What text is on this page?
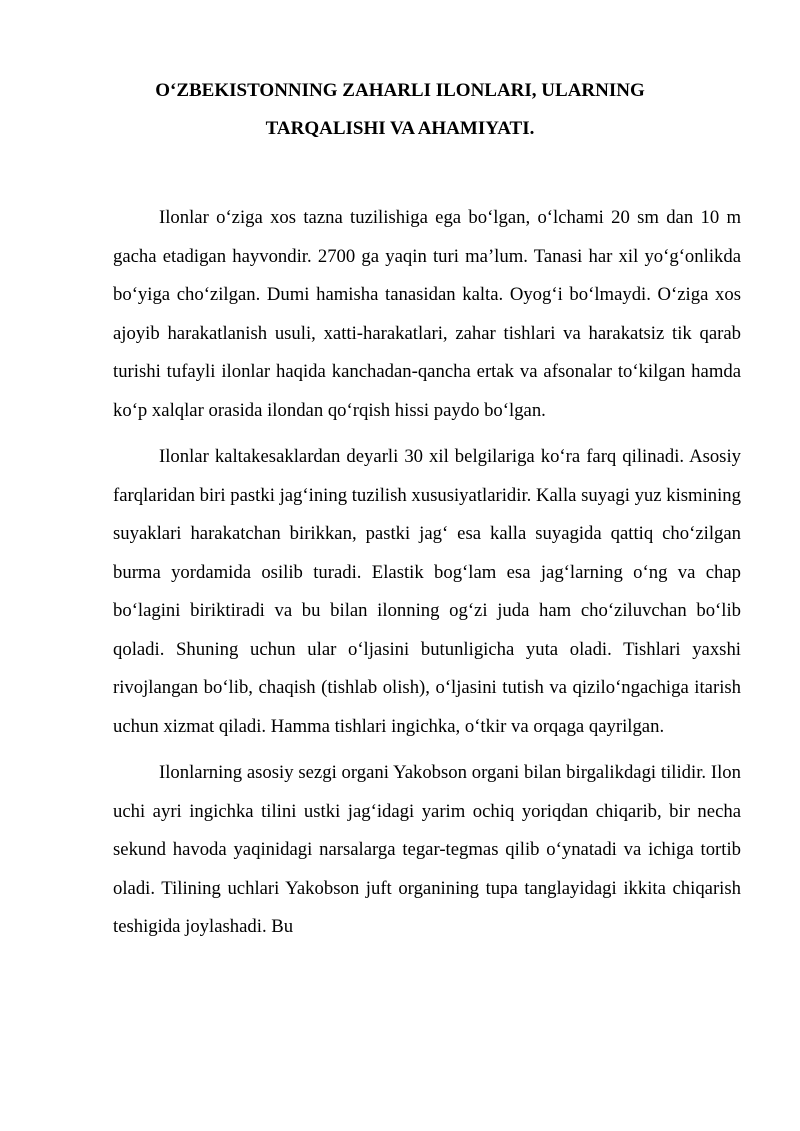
O‘ZBEKISTONNING ZAHARLI ILONLARI, ULARNING
TARQALISHI VA AHAMIYATI.

Ilonlar o‘ziga xos tazna tuzilishiga ega bo‘lgan, o‘lchami 20 sm dan 10 m gacha etadigan hayvondir. 2700 ga yaqin turi ma’lum. Tanasi har xil yo‘g‘onlikda bo‘yiga cho‘zilgan. Dumi hamisha tanasidan kalta. Oyog‘i bo‘lmaydi. O‘ziga xos ajoyib harakatlanish usuli, xatti-harakatlari, zahar tishlari va harakatsiz tik qarab turishi tufayli ilonlar haqida kanchadan-qancha ertak va afsonalar to‘kilgan hamda ko‘p xalqlar orasida ilondan qo‘rqish hissi paydo bo‘lgan.

Ilonlar kaltakesaklardan deyarli 30 xil belgilariga ko‘ra farq qilinadi. Asosiy farqlaridan biri pastki jag‘ining tuzilish xususiyatlaridir. Kalla suyagi yuz kismining suyaklari harakatchan birikkan, pastki jag‘ esa kalla suyagida qattiq cho‘zilgan burma yordamida osilib turadi. Elastik bog‘lam esa jag‘larning o‘ng va chap bo‘lagini biriktiradi va bu bilan ilonning og‘zi juda ham cho‘ziluvchan bo‘lib qoladi. Shuning uchun ular o‘ljasini butunligicha yuta oladi. Tishlari yaxshi rivojlangan bo‘lib, chaqish (tishlab olish), o‘ljasini tutish va qizilo‘ngachiga itarish uchun xizmat qiladi. Hamma tishlari ingichka, o‘tkir va orqaga qayrilgan.

Ilonlarning asosiy sezgi organi Yakobson organi bilan birgalikdagi tilidir. Ilon uchi ayri ingichka tilini ustki jag‘idagi yarim ochiq yoriqdan chiqarib, bir necha sekund havoda yaqinidagi narsalarga tegar-tegmas qilib o‘ynatadi va ichiga tortib oladi. Tilining uchlari Yakobson juft organining tupa tanglayidagi ikkita chiqarish teshigida joylashadi. Bu
